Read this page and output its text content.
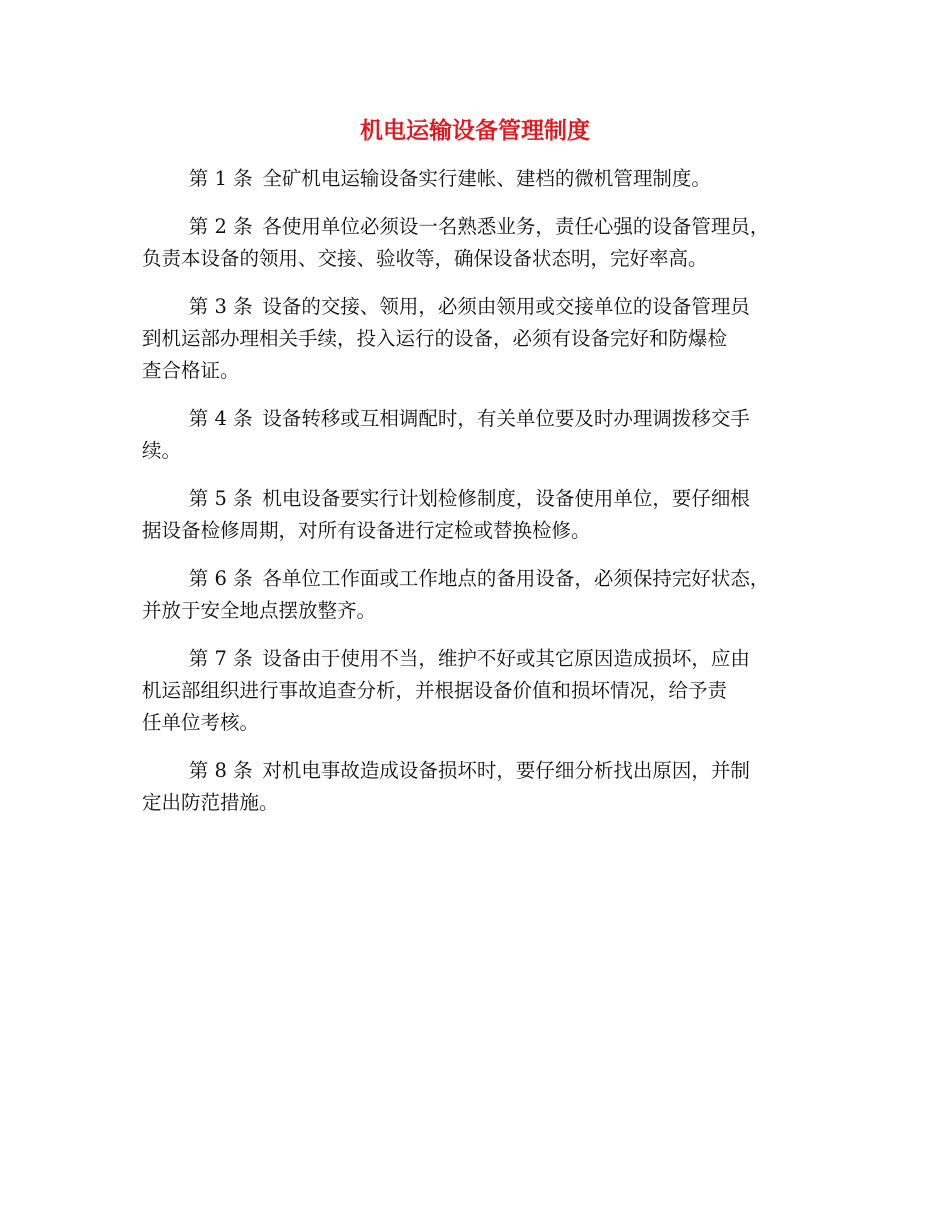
机电运输设备管理制度

第 1 条 全矿机电运输设备实行建帐、建档的微机管理制度。

第 2 条 各使用单位必须设一名熟悉业务，责任心强的设备管理员，
负责本设备的领用、交接、验收等，确保设备状态明，完好率高。

第 3 条 设备的交接、领用，必须由领用或交接单位的设备管理员
到机运部办理相关手续，投入运行的设备，必须有设备完好和防爆检
查合格证。

第 4 条 设备转移或互相调配时，有关单位要及时办理调拨移交手
续。

第 5 条 机电设备要实行计划检修制度，设备使用单位，要仔细根
据设备检修周期，对所有设备进行定检或替换检修。

第 6 条 各单位工作面或工作地点的备用设备，必须保持完好状态，
并放于安全地点摆放整齐。

第 7 条 设备由于使用不当，维护不好或其它原因造成损坏，应由
机运部组织进行事故追查分析，并根据设备价值和损坏情况，给予责
任单位考核。

第 8 条 对机电事故造成设备损坏时，要仔细分析找出原因，并制
定出防范措施。
